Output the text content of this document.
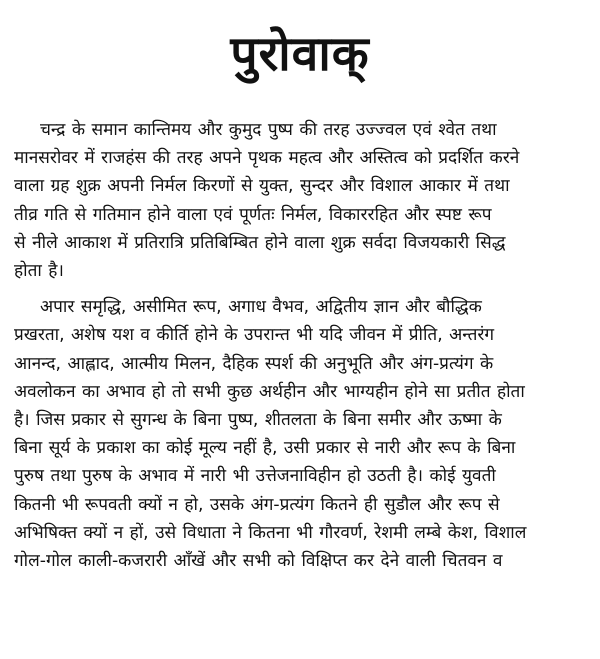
पुरोवाक्

चन्द्र के समान कान्तिमय और कुमुद पुष्प की तरह उज्ज्वल एवं श्वेत तथा
मानसरोवर में राजहंस की तरह अपने पृथक महत्व और अस्तित्व को प्रदर्शित करने
वाला ग्रह शुक्र अपनी निर्मल किरणों से युक्त, सुन्दर और विशाल आकार में तथा
तीव्र गति से गतिमान होने वाला एवं पूर्णतः निर्मल, विकाररहित और स्पष्ट रूप
से नीले आकाश में प्रतिरात्रि प्रतिबिम्बित होने वाला शुक्र सर्वदा विजयकारी सिद्ध
होता है।

अपार समृद्धि, असीमित रूप, अगाध वैभव, अद्वितीय ज्ञान और बौद्धिक
प्रखरता, अशेष यश व कीर्ति होने के उपरान्त भी यदि जीवन में प्रीति, अन्तरंग
आनन्द, आह्लाद, आत्मीय मिलन, दैहिक स्पर्श की अनुभूति और अंग-प्रत्यंग के
अवलोकन का अभाव हो तो सभी कुछ अर्थहीन और भाग्यहीन होने सा प्रतीत होता
है। जिस प्रकार से सुगन्ध के बिना पुष्प, शीतलता के बिना समीर और ऊष्मा के
बिना सूर्य के प्रकाश का कोई मूल्य नहीं है, उसी प्रकार से नारी और रूप के बिना
पुरुष तथा पुरुष के अभाव में नारी भी उत्तेजनाविहीन हो उठती है। कोई युवती
कितनी भी रूपवती क्यों न हो, उसके अंग-प्रत्यंग कितने ही सुडौल और रूप से
अभिषिक्त क्यों न हों, उसे विधाता ने कितना भी गौरवर्ण, रेशमी लम्बे केश, विशाल
गोल-गोल काली-कजरारी आँखें और सभी को विक्षिप्त कर देने वाली चितवन व
